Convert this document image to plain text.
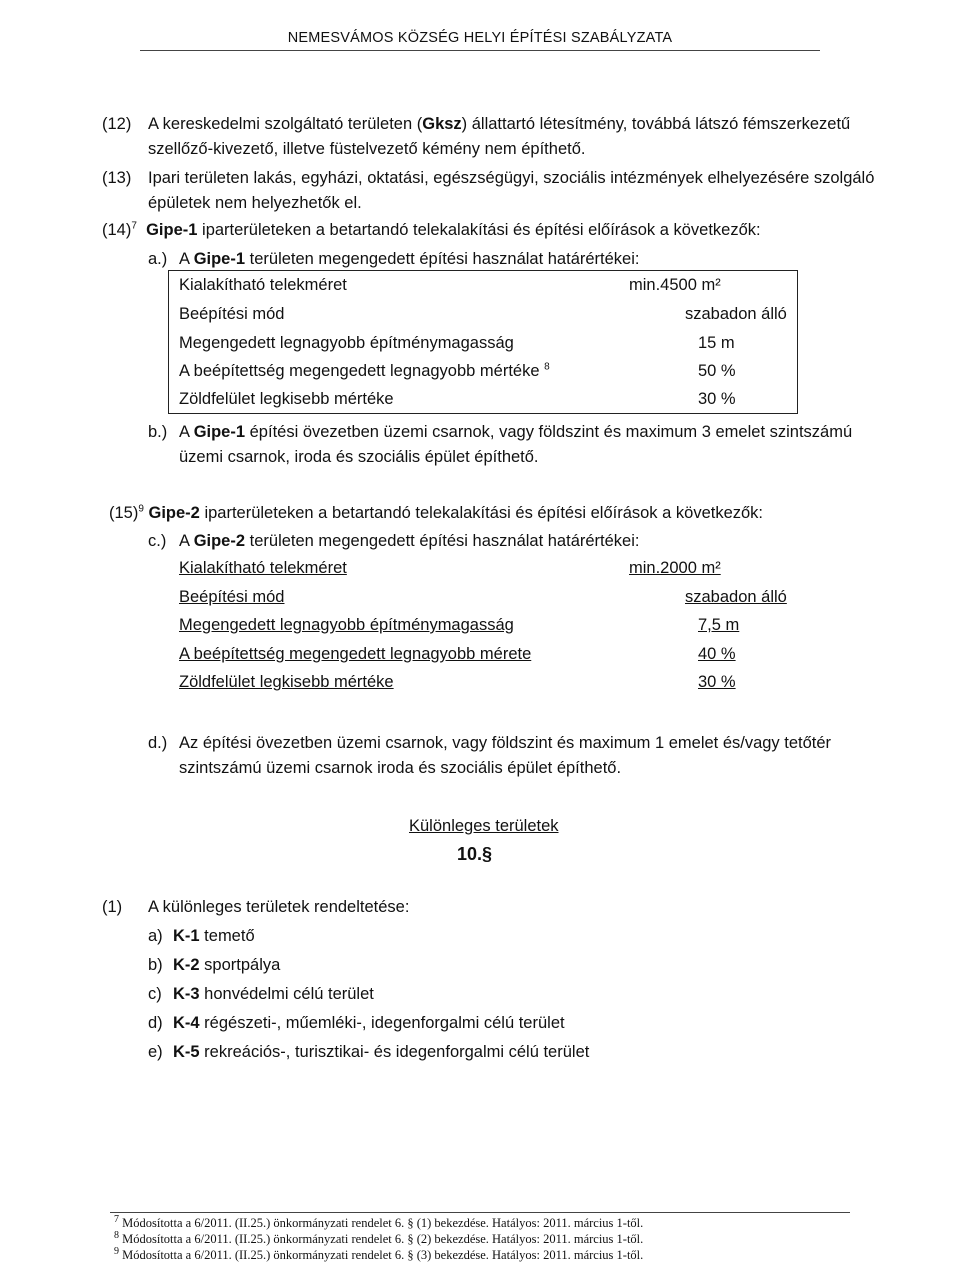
NEMESVÁMOS KÖZSÉG HELYI ÉPÍTÉSI SZABÁLYZATA
(12) A kereskedelmi szolgáltató területen (Gksz) állattartó létesítmény, továbbá látszó fémszerkezetű
szellőző-kivezető, illetve füstelvezető kémény nem építhető.
(13) Ipari területen lakás, egyházi, oktatási, egészségügyi, szociális intézmények elhelyezésére szolgáló
épületek nem helyezhetők el.
$(14)^7$ Gipe-1 iparterületeken a betartandó telekalakítási és építési előírások a következők:
a.) A Gipe-1 területen megengedett építési használat határértékei:
Kialakítható telekméret	min.4500 m²
Beépítési mód	szabadon álló
Megengedett legnagyobb építménymagasság	15 m
A beépítettség megengedett legnagyobb mértéke $^8$	50 %
Zöldfelület legkisebb mértéke	30 %
b.) A Gipe-1 építési övezetben üzemi csarnok, vagy földszint és maximum 3 emelet szintszámú
üzemi csarnok, iroda és szociális épület építhető.
$(15)^9$ Gipe-2 iparterületeken a betartandó telekalakítási és építési előírások a következők:
c.) A Gipe-2 területen megengedett építési használat határértékei:
Kialakítható telekméret	min.2000 m²
Beépítési mód	szabadon álló
Megengedett legnagyobb építménymagasság	7,5 m
A beépítettség megengedett legnagyobb mérete	40 %
Zöldfelület legkisebb mértéke	30 %
d.) Az építési övezetben üzemi csarnok, vagy földszint és maximum 1 emelet és/vagy tetőtér
szintszámú üzemi csarnok iroda és szociális épület építhető.
Különleges területek
10.§
(1) A különleges területek rendeltetése:
a) K-1 temető
b) K-2 sportpálya
c) K-3 honvédelmi célú terület
d) K-4 régészeti-, műemléki-, idegenforgalmi célú terület
e) K-5 rekreációs-, turisztikai- és idegenforgalmi célú terület
$^7$ Módosította a 6/2011. (II.25.) önkormányzati rendelet 6. § (1) bekezdése. Hatályos: 2011. március 1-től.
$^8$ Módosította a 6/2011. (II.25.) önkormányzati rendelet 6. § (2) bekezdése. Hatályos: 2011. március 1-től.
$^9$ Módosította a 6/2011. (II.25.) önkormányzati rendelet 6. § (3) bekezdése. Hatályos: 2011. március 1-től.
